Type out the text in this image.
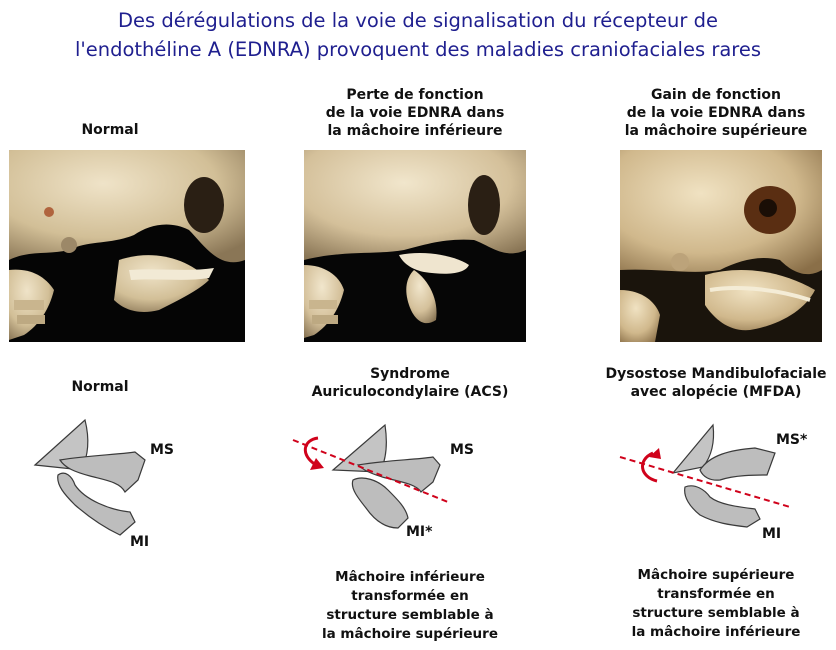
Des dérégulations de la voie de signalisation du récepteur de
l'endothéline A (EDNRA) provoquent des maladies craniofaciales rares
Normal
Perte de fonction
de la voie EDNRA dans
la mâchoire inférieure
Gain de fonction
de la voie EDNRA dans
la mâchoire supérieure
Normal
Syndrome
Auriculocondylaire (ACS)
Dysostose Mandibulofaciale
avec alopécie (MFDA)
MS
MI
MS
MI*
MS*
MI
Mâchoire inférieure
transformée en
structure semblable à
la mâchoire supérieure
Mâchoire supérieure
transformée en
structure semblable à
la mâchoire inférieure
